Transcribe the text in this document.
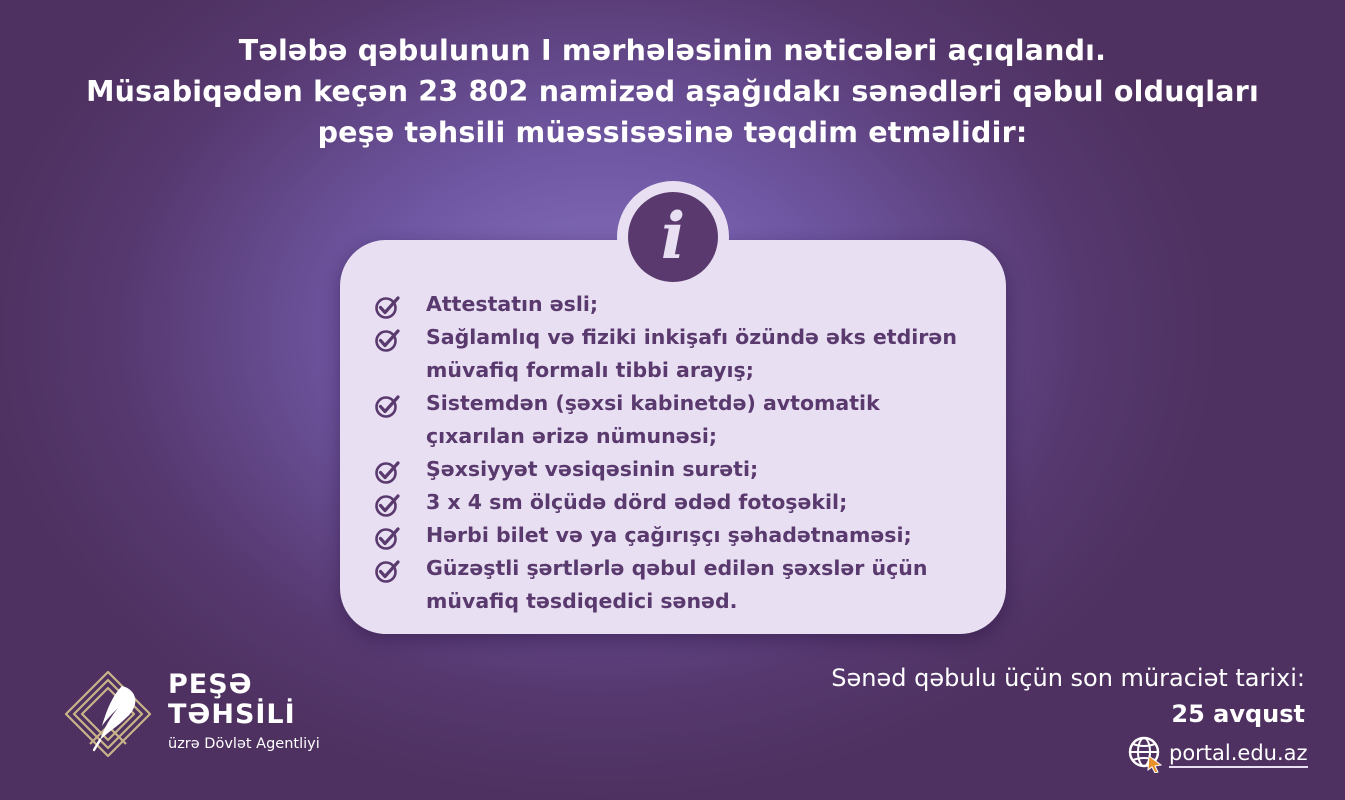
Tələbə qəbulunun I mərhələsinin nəticələri açıqlandı.
Müsabiqədən keçən 23 802 namizəd aşağıdakı sənədləri qəbul olduqları
peşə təhsili müəssisəsinə təqdim etməlidir:
i
Attestatın əsli;
Sağlamlıq və fiziki inkişafı özündə əks etdirən
müvafiq formalı tibbi arayış;
Sistemdən (şəxsi kabinetdə) avtomatik
çıxarılan ərizə nümunəsi;
Şəxsiyyət vəsiqəsinin surəti;
3 x 4 sm ölçüdə dörd ədəd fotoşəkil;
Hərbi bilet və ya çağırışçı şəhadətnaməsi;
Güzəştli şərtlərlə qəbul edilən şəxslər üçün
müvafiq təsdiqedici sənəd.
Sənəd qəbulu üçün son müraciət tarixi:
25 avqust
portal.edu.az
PEŞƏ
TƏHSİLİ
üzrə Dövlət Agentliyi
